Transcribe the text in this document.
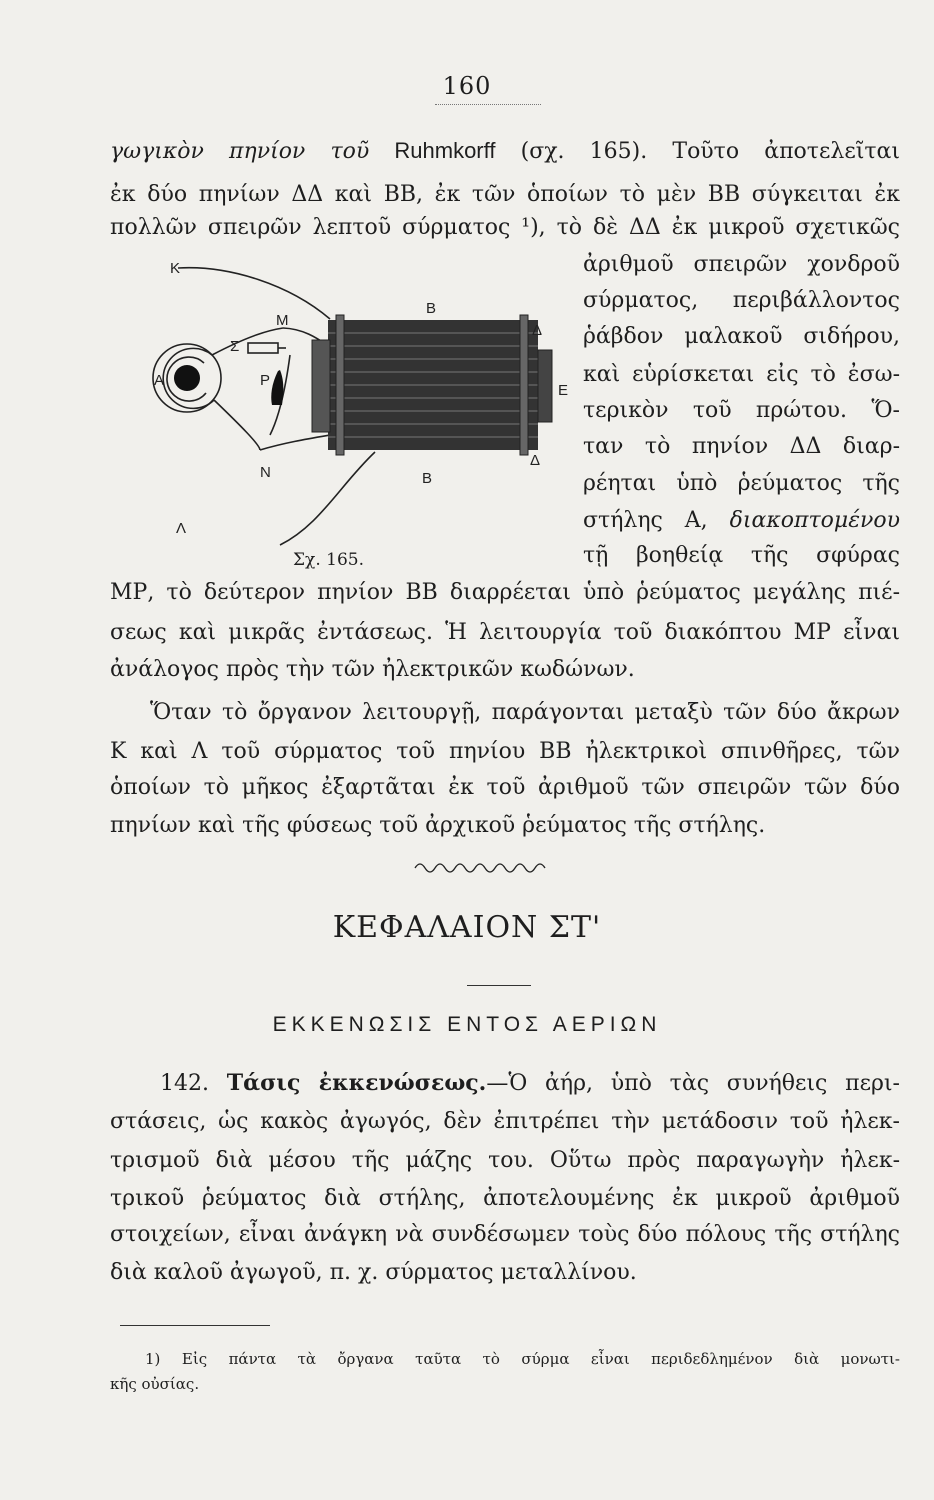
160
γωγικὸν πηνίον τοῦ Ruhmkorff (σχ. 165). Τοῦτο ἀποτελεῖται
ἐκ δύο πηνίων ΔΔ καὶ ΒΒ, ἐκ τῶν ὁποίων τὸ μὲν ΒΒ σύγκειται ἐκ
πολλῶν σπειρῶν λεπτοῦ σύρματος ¹), τὸ δὲ ΔΔ ἐκ μικροῦ σχετικῶς
ἀριθμοῦ σπειρῶν χονδροῦ
σύρματος, περιβάλλοντος
ῥάβδον μαλακοῦ σιδήρου,
καὶ εὑρίσκεται εἰς τὸ ἐσω-
τερικὸν τοῦ πρώτου. Ὅ-
ταν τὸ πηνίον ΔΔ διαρ-
ρέηται ὑπὸ ῥεύματος τῆς
στήλης Α, διακοπτομένου
τῇ βοηθείᾳ τῆς σφύρας
K
M
B
Δ
Σ
A	P
E
N	B
Δ
Λ
Σχ. 165.
ΜΡ, τὸ δεύτερον πηνίον ΒΒ διαρρέεται ὑπὸ ῥεύματος μεγάλης πιέ-
σεως καὶ μικρᾶς ἐντάσεως. Ἡ λειτουργία τοῦ διακόπτου ΜΡ εἶναι
ἀνάλογος πρὸς τὴν τῶν ἠλεκτρικῶν κωδώνων.
Ὅταν τὸ ὄργανον λειτουργῇ, παράγονται μεταξὺ τῶν δύο ἄκρων
Κ καὶ Λ τοῦ σύρματος τοῦ πηνίου ΒΒ ἠλεκτρικοὶ σπινθῆρες, τῶν
ὁποίων τὸ μῆκος ἐξαρτᾶται ἐκ τοῦ ἀριθμοῦ τῶν σπειρῶν τῶν δύο
πηνίων καὶ τῆς φύσεως τοῦ ἀρχικοῦ ῥεύματος τῆς στήλης.
ΚΕΦΑΛΑΙΟΝ ΣΤ'
ΕΚΚΕΝΩΣΙΣ ΕΝΤΟΣ ΑΕΡΙΩΝ
142. Τάσις ἐκκενώσεως.—Ὁ ἀήρ, ὑπὸ τὰς συνήθεις περι-
στάσεις, ὡς κακὸς ἀγωγός, δὲν ἐπιτρέπει τὴν μετάδοσιν τοῦ ἠλεκ-
τρισμοῦ διὰ μέσου τῆς μάζης του. Οὕτω πρὸς παραγωγὴν ἠλεκ-
τρικοῦ ῥεύματος διὰ στήλης, ἀποτελουμένης ἐκ μικροῦ ἀριθμοῦ
στοιχείων, εἶναι ἀνάγκη νὰ συνδέσωμεν τοὺς δύο πόλους τῆς στήλης
διὰ καλοῦ ἀγωγοῦ, π. χ. σύρματος μεταλλίνου.
1) Εἰς πάντα τὰ ὄργανα ταῦτα τὸ σύρμα εἶναι περιδεδλημένον διὰ μονωτι-
κῆς οὐσίας.
